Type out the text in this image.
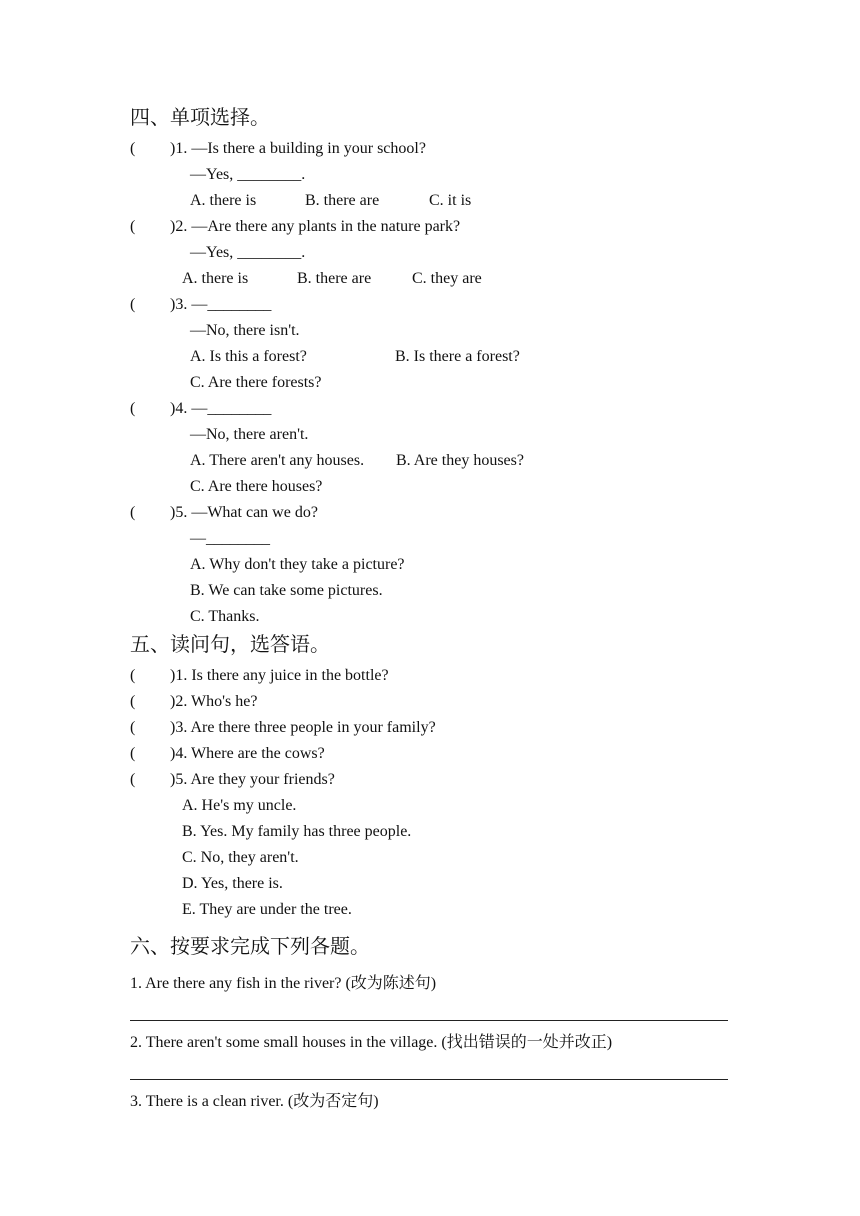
四、单项选择。
( )1. —Is there a building in your school?
—Yes, ________.
A. there is	B. there are	C. it is
( )2. —Are there any plants in the nature park?
—Yes, ________.
A. there is	B. there are	C. they are
( )3. —________
—No, there isn't.
A. Is this a forest?	B. Is there a forest?
C. Are there forests?
( )4. —________
—No, there aren't.
A. There aren't any houses. B. Are they houses?
C. Are there houses?
( )5. —What can we do?
—________
A. Why don't they take a picture?
B. We can take some pictures.
C. Thanks.
五、读问句，选答语。
( )1. Is there any juice in the bottle?
( )2. Who's he?
( )3. Are there three people in your family?
( )4. Where are the cows?
( )5. Are they your friends?
A. He's my uncle.
B. Yes. My family has three people.
C. No, they aren't.
D. Yes, there is.
E. They are under the tree.
六、按要求完成下列各题。
1. Are there any fish in the river? (改为陈述句)
2. There aren't some small houses in the village. (找出错误的一处并改正)
3. There is a clean river. (改为否定句)
